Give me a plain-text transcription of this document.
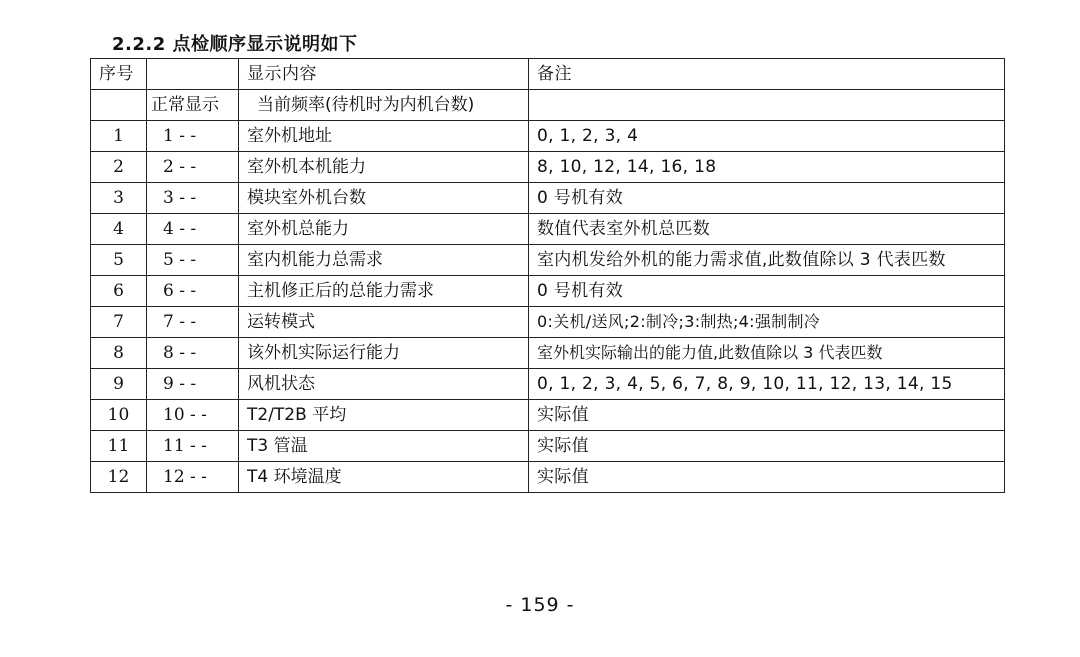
2.2.2 点检顺序显示说明如下
序号		显示内容	备注
	正常显示	当前频率(待机时为内机台数)	
1	1 - -	室外机地址	0, 1, 2, 3, 4
2	2 - -	室外机本机能力	8, 10, 12, 14, 16, 18
3	3 - -	模块室外机台数	0 号机有效
4	4 - -	室外机总能力	数值代表室外机总匹数
5	5 - -	室内机能力总需求	室内机发给外机的能力需求值,此数值除以 3 代表匹数
6	6 - -	主机修正后的总能力需求	0 号机有效
7	7 - -	运转模式	0:关机/送风;2:制冷;3:制热;4:强制制冷
8	8 - -	该外机实际运行能力	室外机实际输出的能力值,此数值除以 3 代表匹数
9	9 - -	风机状态	0, 1, 2, 3, 4, 5, 6, 7, 8, 9, 10, 11, 12, 13, 14, 15
10	10 - -	T2/T2B 平均	实际值
11	11 - -	T3 管温	实际值
12	12 - -	T4 环境温度	实际值
- 159 -
